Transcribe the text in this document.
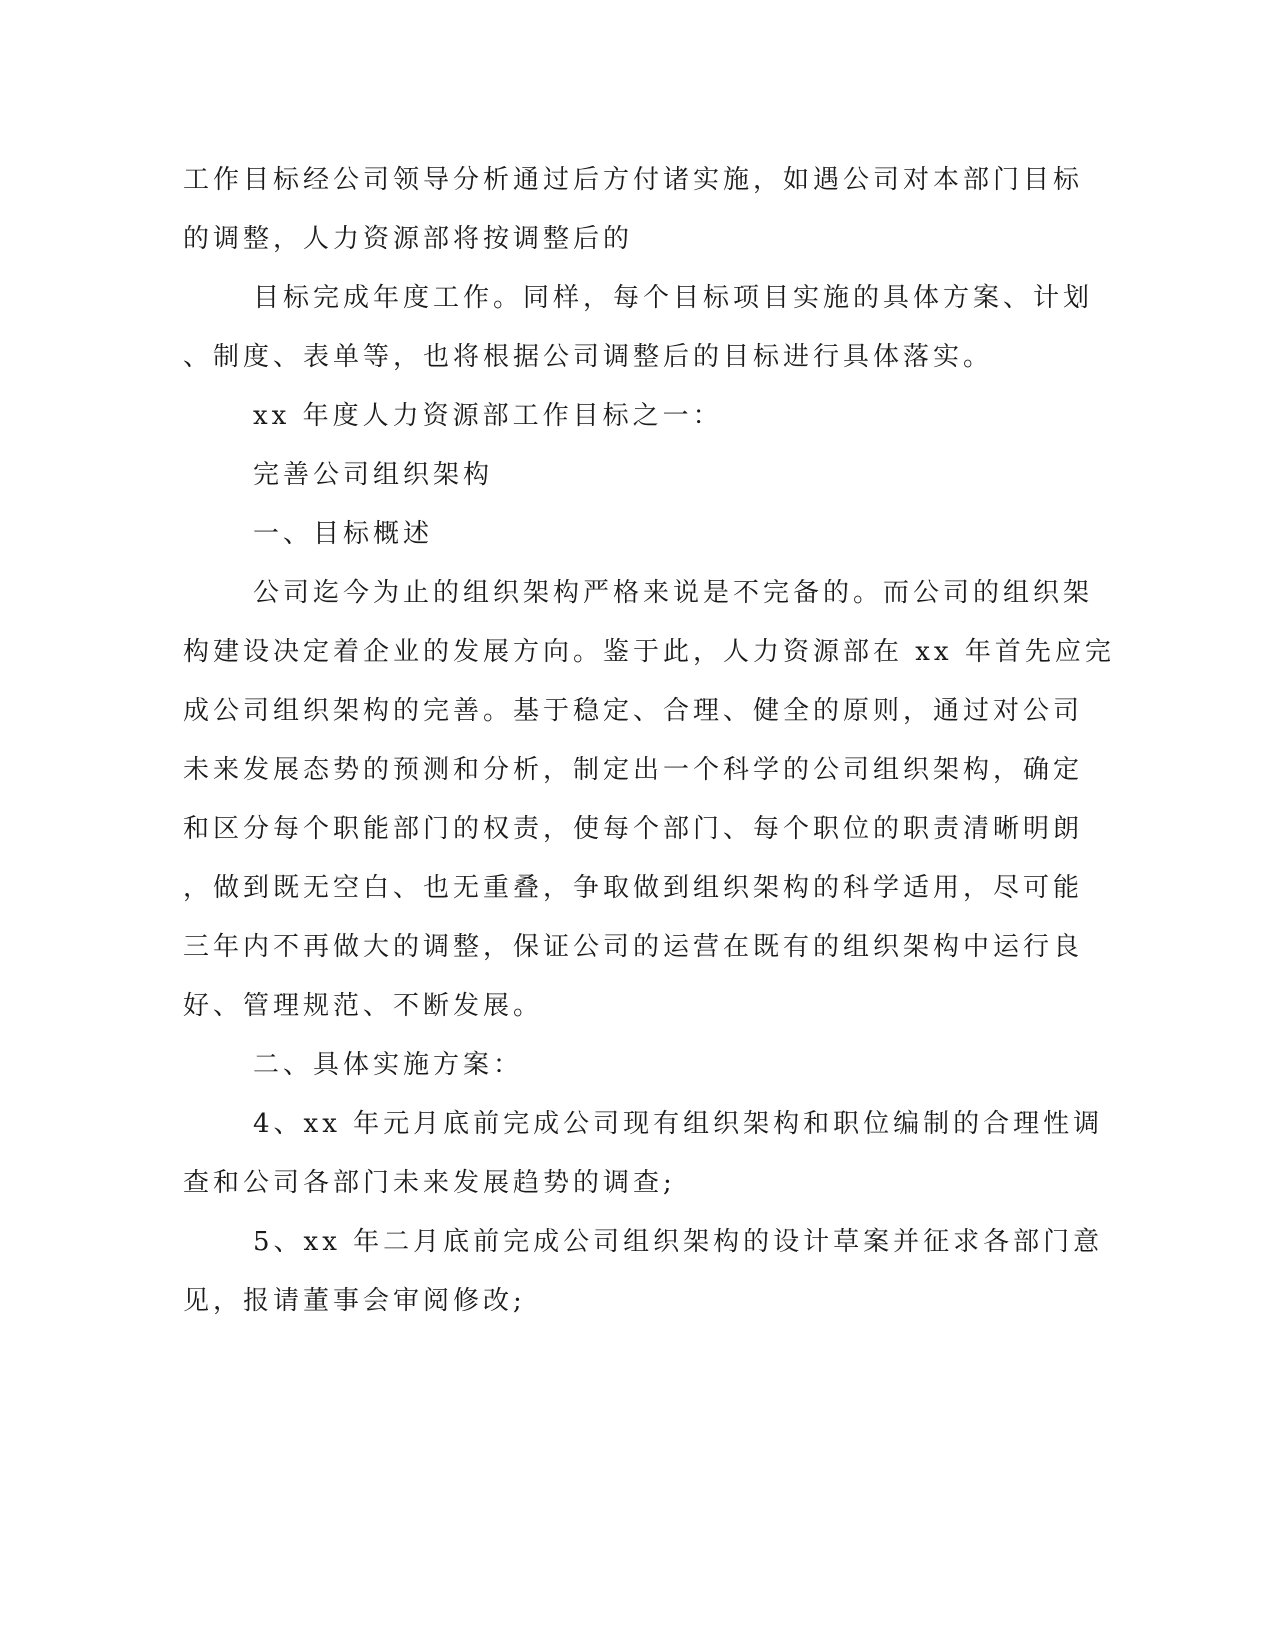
工作目标经公司领导分析通过后方付诸实施，如遇公司对本部门目标
的调整，人力资源部将按调整后的
目标完成年度工作。同样，每个目标项目实施的具体方案、计划
、制度、表单等，也将根据公司调整后的目标进行具体落实。
xx 年度人力资源部工作目标之一：
完善公司组织架构
一、目标概述
公司迄今为止的组织架构严格来说是不完备的。而公司的组织架
构建设决定着企业的发展方向。鉴于此，人力资源部在 xx 年首先应完
成公司组织架构的完善。基于稳定、合理、健全的原则，通过对公司
未来发展态势的预测和分析，制定出一个科学的公司组织架构，确定
和区分每个职能部门的权责，使每个部门、每个职位的职责清晰明朗
，做到既无空白、也无重叠，争取做到组织架构的科学适用，尽可能
三年内不再做大的调整，保证公司的运营在既有的组织架构中运行良
好、管理规范、不断发展。
二、具体实施方案：
4、xx 年元月底前完成公司现有组织架构和职位编制的合理性调
查和公司各部门未来发展趋势的调查;
5、xx 年二月底前完成公司组织架构的设计草案并征求各部门意
见，报请董事会审阅修改;
